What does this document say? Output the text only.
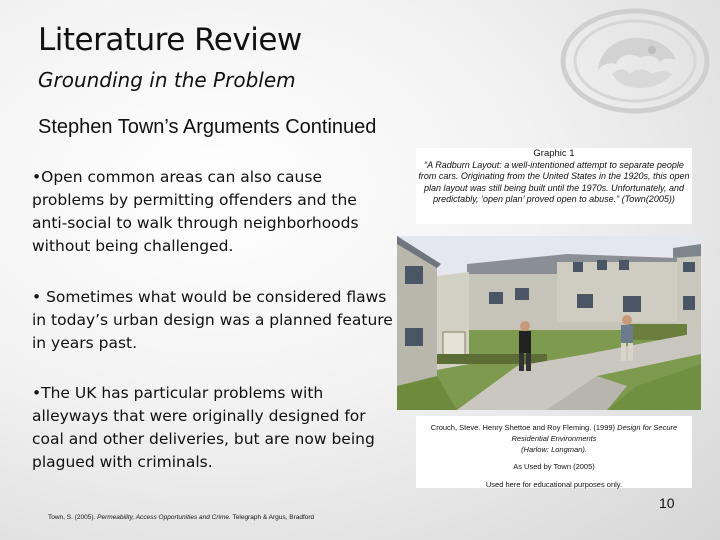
Literature Review
Grounding in the Problem
Stephen Town’s Arguments Continued
•Open common areas can also cause problems by permitting offenders and the anti-social to walk through neighborhoods without being challenged.
• Sometimes what would be considered flaws in today’s urban design was a planned feature in years past.
•The UK has particular problems with alleyways that were originally designed for coal and other deliveries, but are now being plagued with criminals.
Graphic 1
“A Radburn Layout: a well-intentioned attempt to separate people from cars. Originating from the United States in the 1920s, this open plan layout was still being built until the 1970s. Unfortunately, and predictably, ‘open plan’ proved open to abuse.” (Town(2005))
Crouch, Steve. Henry Shettoe and Roy Fleming. (1999) Design for Secure Residential Environments
(Harlow: Longman).
As Used by Town (2005)
Used here for educational purposes only.
10
Town, S. (2005). Permeability, Access Opportunities and Crime. Telegraph & Argus, Bradford
